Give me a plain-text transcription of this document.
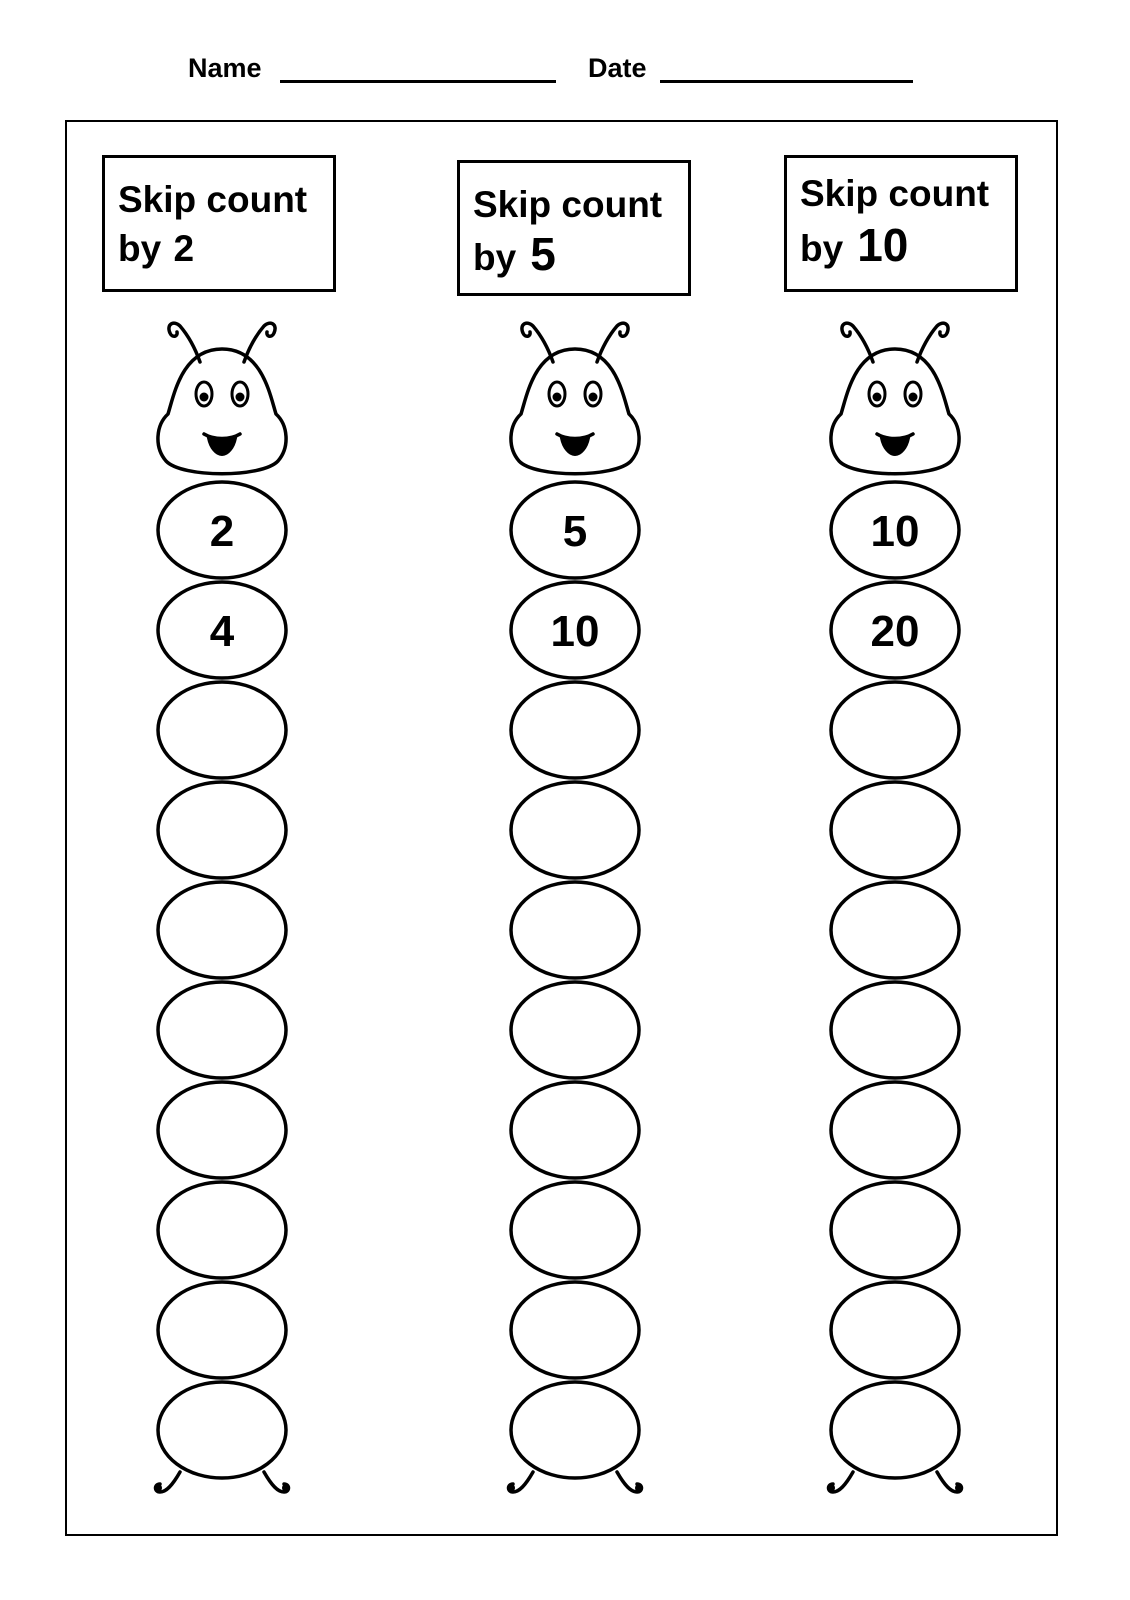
Name	Date
Skip count
by 2
Skip count
by 5
Skip count
by 10
2
4
5
10
10
20
